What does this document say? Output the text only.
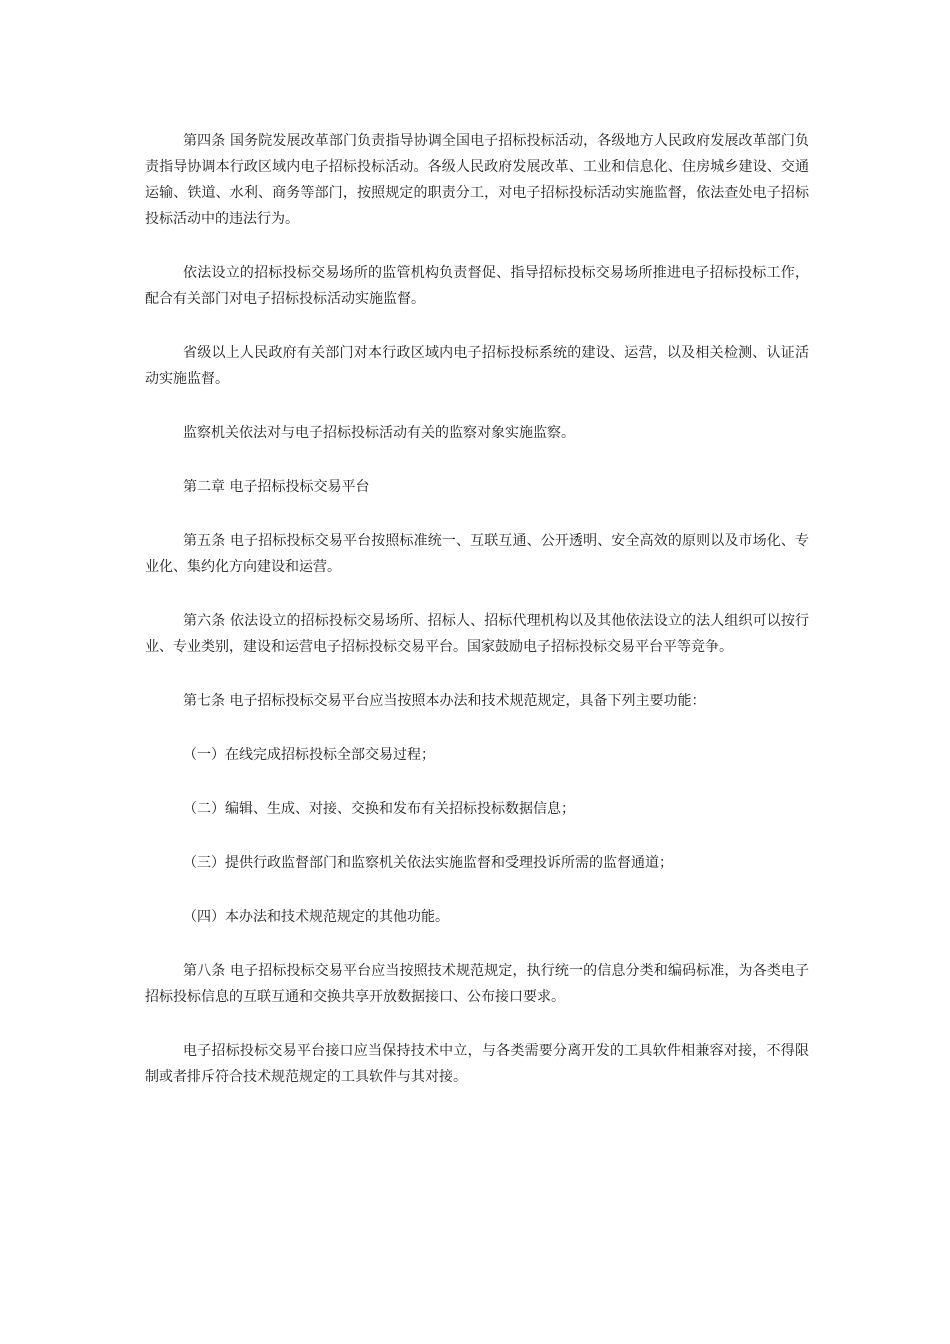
第四条 国务院发展改革部门负责指导协调全国电子招标投标活动，各级地方人民政府发展改革部门负责指导协调本行政区域内电子招标投标活动。各级人民政府发展改革、工业和信息化、住房城乡建设、交通运输、铁道、水利、商务等部门，按照规定的职责分工，对电子招标投标活动实施监督，依法查处电子招标投标活动中的违法行为。

依法设立的招标投标交易场所的监管机构负责督促、指导招标投标交易场所推进电子招标投标工作，配合有关部门对电子招标投标活动实施监督。

省级以上人民政府有关部门对本行政区域内电子招标投标系统的建设、运营，以及相关检测、认证活动实施监督。

监察机关依法对与电子招标投标活动有关的监察对象实施监察。

第二章 电子招标投标交易平台

第五条 电子招标投标交易平台按照标准统一、互联互通、公开透明、安全高效的原则以及市场化、专业化、集约化方向建设和运营。

第六条 依法设立的招标投标交易场所、招标人、招标代理机构以及其他依法设立的法人组织可以按行业、专业类别，建设和运营电子招标投标交易平台。国家鼓励电子招标投标交易平台平等竞争。

第七条 电子招标投标交易平台应当按照本办法和技术规范规定，具备下列主要功能：

（一）在线完成招标投标全部交易过程；

（二）编辑、生成、对接、交换和发布有关招标投标数据信息；

（三）提供行政监督部门和监察机关依法实施监督和受理投诉所需的监督通道；

（四）本办法和技术规范规定的其他功能。

第八条 电子招标投标交易平台应当按照技术规范规定，执行统一的信息分类和编码标准，为各类电子招标投标信息的互联互通和交换共享开放数据接口、公布接口要求。

电子招标投标交易平台接口应当保持技术中立，与各类需要分离开发的工具软件相兼容对接，不得限制或者排斥符合技术规范规定的工具软件与其对接。
